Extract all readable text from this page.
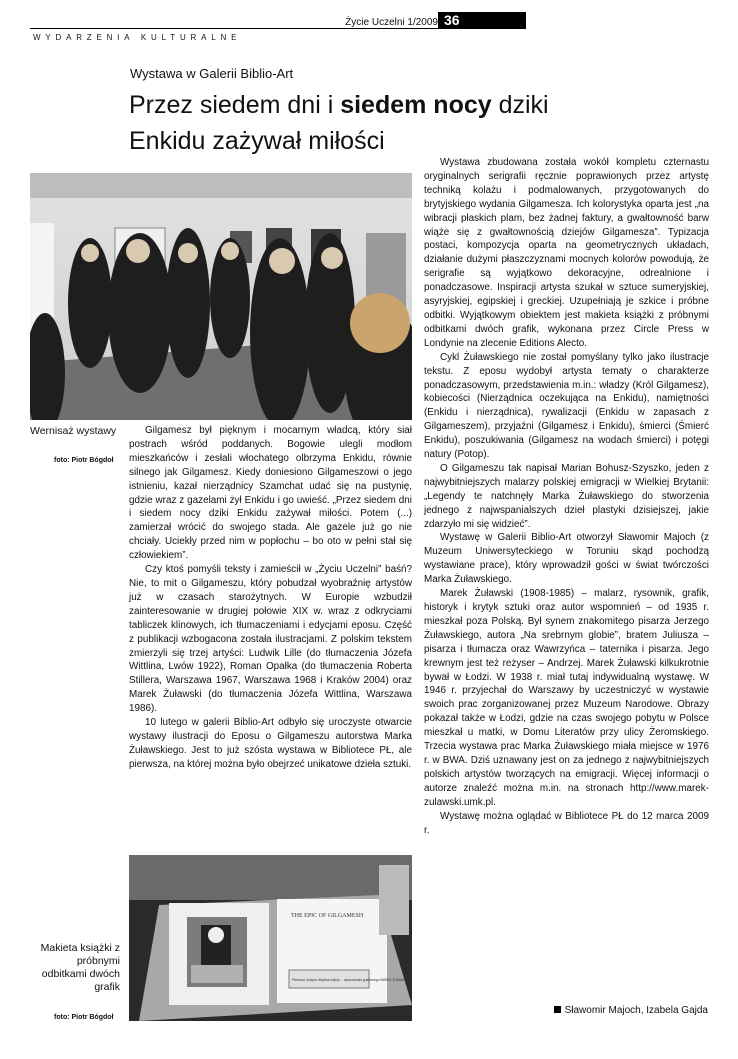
Życie Uczelni 1/2009 36
WYDARZENIA KULTURALNE
Wystawa w Galerii Biblio-Art
Przez siedem dni i siedem nocy dziki Enkidu zażywał miłości
Wernisaż wystawy
foto: Piotr Bógdoł

Gilgamesz był pięknym i mocarnym władcą, który siał postrach wśród poddanych. Bogowie ulegli modłom mieszkańców i zesłali włochatego olbrzyma Enkidu, równie silnego jak Gilgamesz. Kiedy doniesiono Gilgameszowi o jego istnieniu, kazał nierządnicy Szamchat udać się na pustynię, gdzie wraz z gazelami żył Enkidu i go uwieść. „Przez siedem dni i siedem nocy dziki Enkidu zażywał miłości. Potem (...) zamierzał wrócić do swojego stada. Ale gazele już go nie chciały. Uciekły przed nim w popłochu – bo oto w pełni stał się człowiekiem”.

Czy ktoś pomyśli teksty i zamieścił w „Życiu Uczelni” baśń? Nie, to mit o Gilgameszu, który pobudzał wyobraźnię artystów już w czasach starożytnych. W Europie wzbudził zainteresowanie w drugiej połowie XIX w. wraz z odkryciami tabliczek klinowych, ich tłumaczeniami i edycjami eposu. Część z publikacji wzbogacona została ilustracjami. Z polskim tekstem zmierzyli się trzej artyści: Ludwik Lille (do tłumaczenia Józefa Wittlina, Lwów 1922), Roman Opałka (do tłumaczenia Roberta Stillera, Warszawa 1967, Warszawa 1968 i Kraków 2004) oraz Marek Żuławski (do tłumaczenia Józefa Wittlina, Warszawa 1986).

10 lutego w galerii Biblio-Art odbyło się uroczyste otwarcie wystawy ilustracji do Eposu o Gilgameszu autorstwa Marka Żuławskiego. Jest to już szósta wystawa w Bibliotece PŁ, ale pierwsza, na której można było obejrzeć unikatowe dzieła sztuki.

THE EPIC OF GILGAMESH
Pierwsza i jedyna oficjalna edycja ... opracowania graficznego MAREK ŻUŁAWSKI
Makieta książki z próbnymi odbitkami dwóch grafik
foto: Piotr Bógdoł

Wystawa zbudowana została wokół kompletu czternastu oryginalnych serigrafii ręcznie poprawionych przez artystę techniką kolażu i podmalowanych, przygotowanych do brytyjskiego wydania Gilgamesza. Ich kolorystyka oparta jest „na wibracji płaskich plam, bez żadnej faktury, a gwałtowność barw wiąże się z gwałtownością dziejów Gilgamesza”. Typizacja postaci, kompozycja oparta na geometrycznych układach, działanie dużymi płaszczyznami mocnych kolorów powodują, że serigrafie są wyjątkowo dekoracyjne, odrealnione i ponadczasowe. Inspiracji artysta szukał w sztuce sumeryjskiej, asyryjskiej, egipskiej i greckiej. Uzupełniają je szkice i próbne odbitki. Wyjątkowym obiektem jest makieta książki z próbnymi odbitkami dwóch grafik, wykonana przez Circle Press w Londynie na zlecenie Editions Alecto.

Cykl Żuławskiego nie został pomyślany tylko jako ilustracje tekstu. Z eposu wydobył artysta tematy o charakterze ponadczasowym, przedstawienia m.in.: władzy (Król Gilgamesz), kobiecości (Nierządnica oczekująca na Enkidu), namiętności (Enkidu i nierządnica), rywalizacji (Enkidu w zapasach z Gilgameszem), przyjaźni (Gilgamesz i Enkidu), śmierci (Śmierć Enkidu), poszukiwania (Gilgamesz na wodach śmierci) i potęgi natury (Potop).

O Gilgameszu tak napisał Marian Bohusz-Szyszko, jeden z najwybitniejszych malarzy polskiej emigracji w Wielkiej Brytanii: „Legendy te natchnęły Marka Żuławskiego do stworzenia jednego z najwspanialszych dzieł plastyki dzisiejszej, jakie zdarzyło mi się widzieć”.

Wystawę w Galerii Biblio-Art otworzył Sławomir Majoch (z Muzeum Uniwersyteckiego w Toruniu skąd pochodzą wystawiane prace), który wprowadził gości w świat twórczości Marka Żuławskiego.

Marek Żuławski (1908-1985) – malarz, rysownik, grafik, historyk i krytyk sztuki oraz autor wspomnień – od 1935 r. mieszkał poza Polską. Był synem znakomitego pisarza Jerzego Żuławskiego, autora „Na srebrnym globie”, bratem Juliusza – pisarza i tłumacza oraz Wawrzyńca – taternika i pisarza. Jego krewnym jest też reżyser – Andrzej. Marek Żuławski kilkukrotnie bywał w Łodzi. W 1938 r. miał tutaj indywidualną wystawę. W 1946 r. przyjechał do Warszawy by uczestniczyć w wystawie swoich prac zorganizowanej przez Muzeum Narodowe. Obrazy pokazał także w Łodzi, gdzie na czas swojego pobytu w Polsce mieszkał u matki, w Domu Literatów przy ulicy Żeromskiego. Trzecia wystawa prac Marka Żuławskiego miała miejsce w 1976 r. w BWA. Dziś uznawany jest on za jednego z najwybitniejszych polskich artystów tworzących na emigracji. Więcej informacji o autorze znaleźć można m.in. na stronach http://www.marek-zulawski.umk.pl.

Wystawę można oglądać w Bibliotece PŁ do 12 marca 2009 r.

Sławomir Majoch, Izabela Gajda
